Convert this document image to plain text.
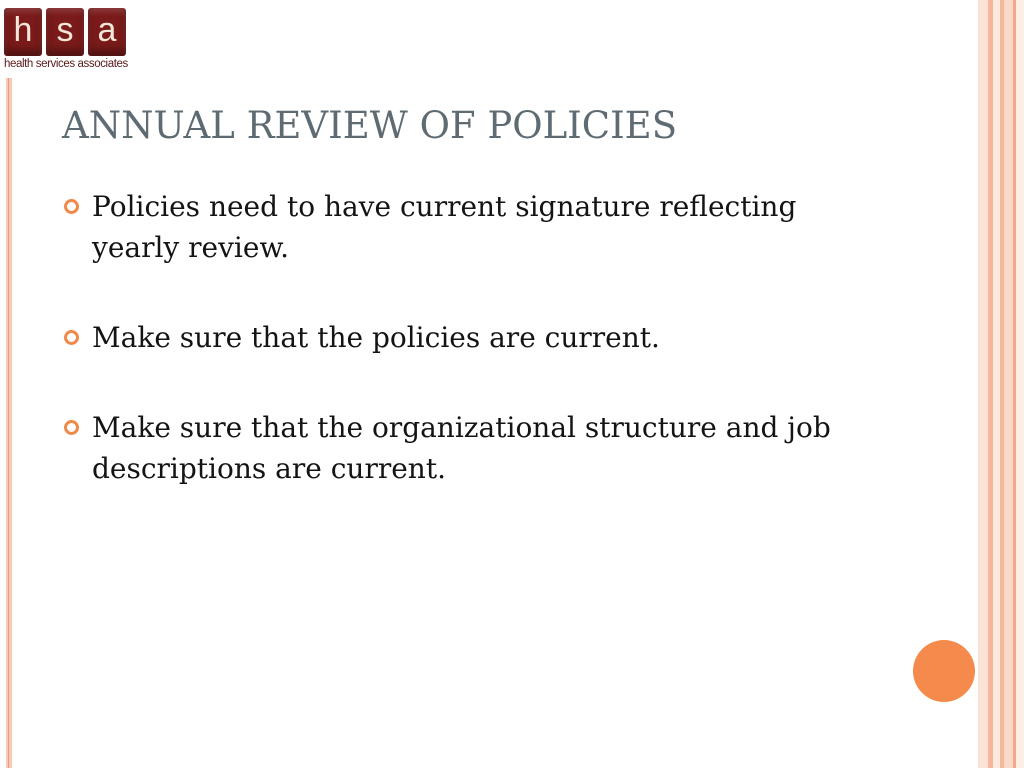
h s a
health services associates
ANNUAL REVIEW OF POLICIES
Policies need to have current signature reflecting yearly review.
Make sure that the policies are current.
Make sure that the organizational structure and job descriptions are current.
